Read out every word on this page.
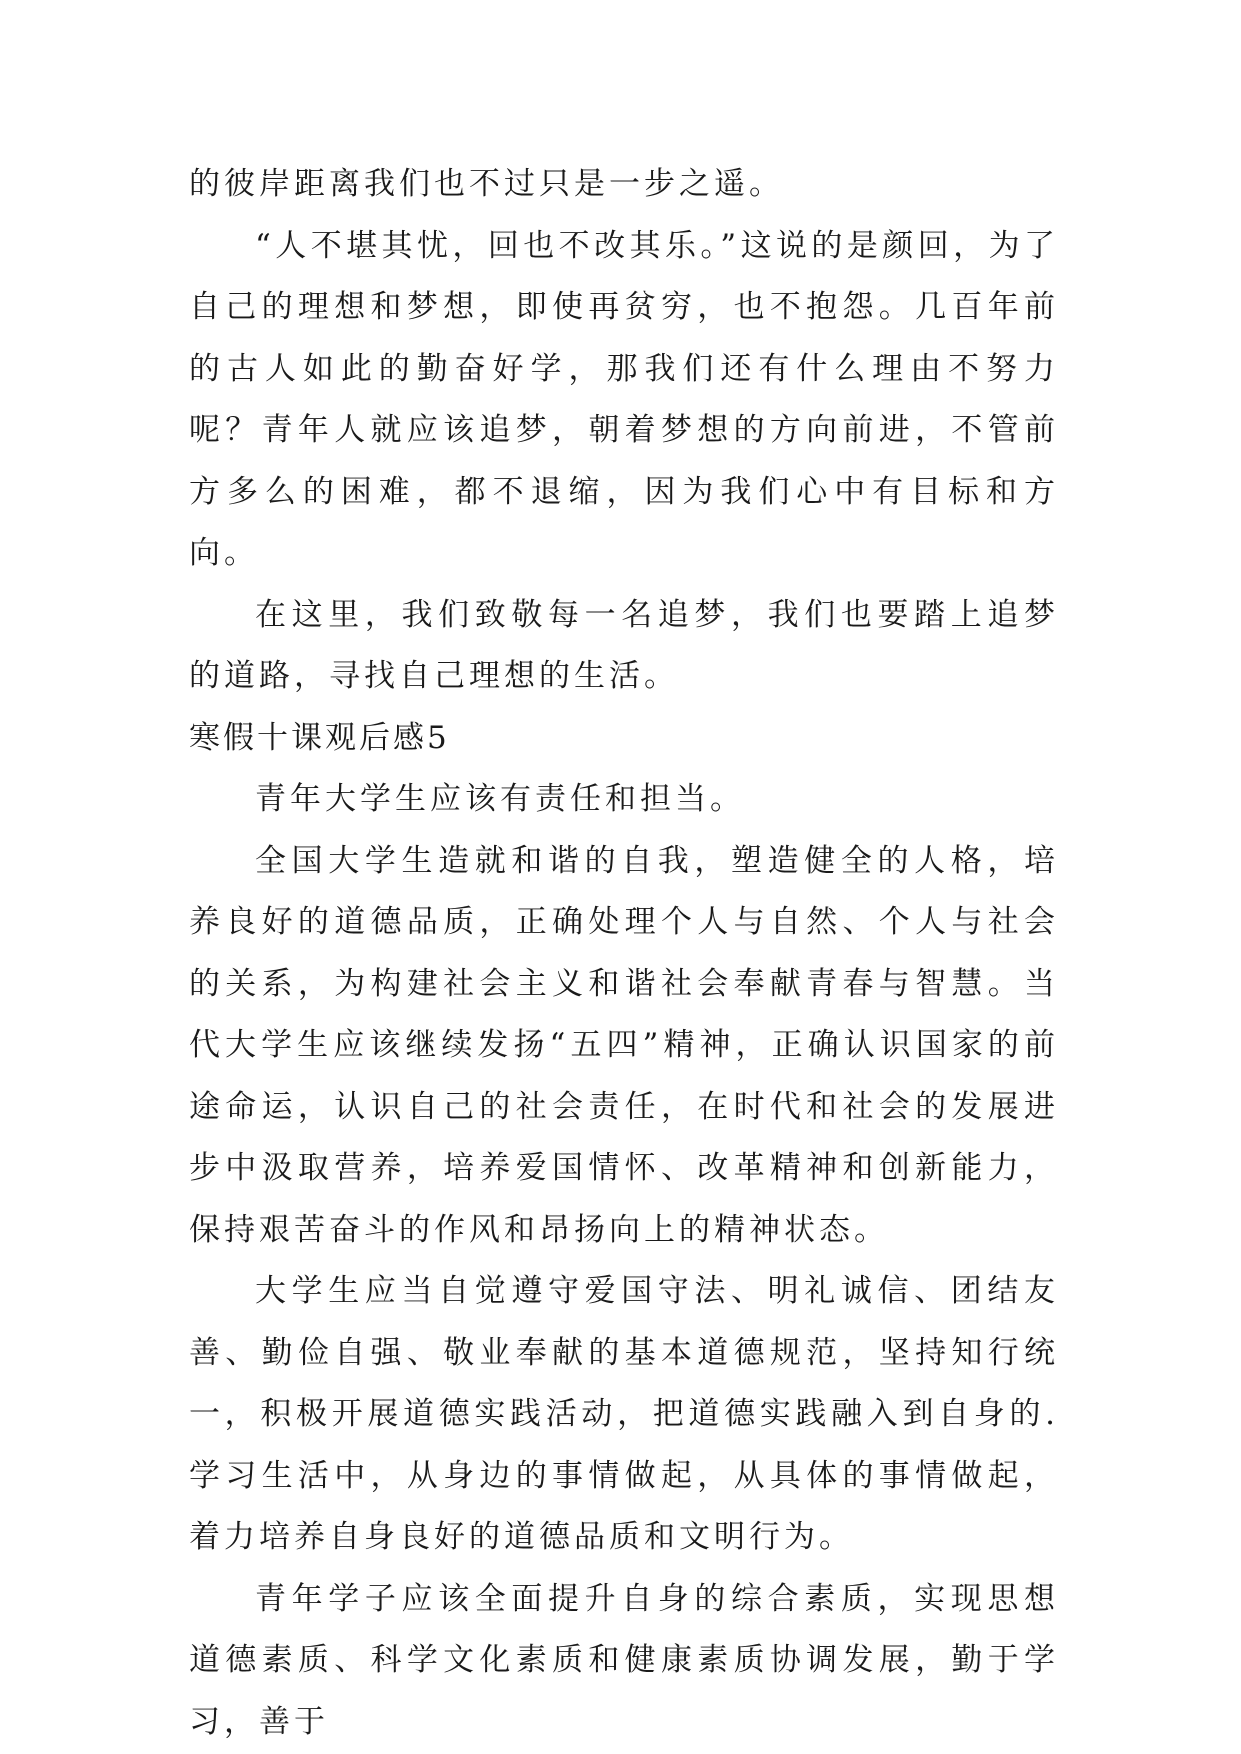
的彼岸距离我们也不过只是一步之遥。

“人不堪其忧，回也不改其乐。”这说的是颜回，为了自己的理想和梦想，即使再贫穷，也不抱怨。几百年前的古人如此的勤奋好学，那我们还有什么理由不努力呢？青年人就应该追梦，朝着梦想的方向前进，不管前方多么的困难，都不退缩，因为我们心中有目标和方向。

在这里，我们致敬每一名追梦，我们也要踏上追梦的道路，寻找自己理想的生活。

寒假十课观后感5

青年大学生应该有责任和担当。

全国大学生造就和谐的自我，塑造健全的人格，培养良好的道德品质，正确处理个人与自然、个人与社会的关系，为构建社会主义和谐社会奉献青春与智慧。当代大学生应该继续发扬“五四”精神，正确认识国家的前途命运，认识自己的社会责任，在时代和社会的发展进步中汲取营养，培养爱国情怀、改革精神和创新能力，保持艰苦奋斗的作风和昂扬向上的精神状态。

大学生应当自觉遵守爱国守法、明礼诚信、团结友善、勤俭自强、敬业奉献的基本道德规范，坚持知行统一，积极开展道德实践活动，把道德实践融入到自身的.学习生活中，从身边的事情做起，从具体的事情做起，着力培养自身良好的道德品质和文明行为。

青年学子应该全面提升自身的综合素质，实现思想道德素质、科学文化素质和健康素质协调发展，勤于学习，善于
